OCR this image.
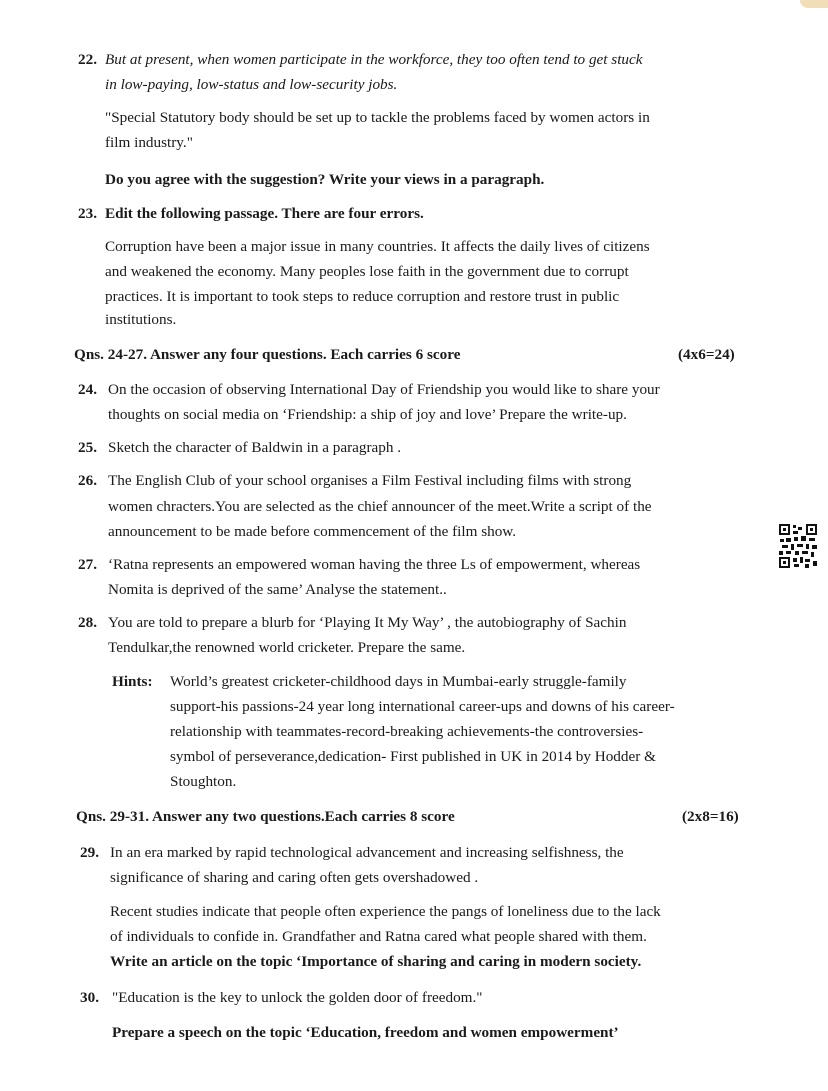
22. But at present, when women participate in the workforce, they too often tend to get stuck
in low-paying, low-status and low-security jobs.
"Special Statutory body should be set up to tackle the problems faced by women actors in
film industry."
Do you agree with the suggestion? Write your views in a paragraph.
23. Edit the following passage. There are four errors.
Corruption have been a major issue in many countries. It affects the daily lives of citizens
and weakened the economy. Many peoples lose faith in the government due to corrupt
practices. It is important to took steps to reduce corruption and restore trust in public
institutions.
Qns. 24-27. Answer any four questions. Each carries 6 score	(4x6=24)
24. On the occasion of observing International Day of Friendship you would like to share your
thoughts on social media on ‘Friendship: a ship of joy and love’ Prepare the write-up.
25. Sketch the character of Baldwin in a paragraph .
26. The English Club of your school organises a Film Festival including films with strong
women chracters.You are selected as the chief announcer of the meet.Write a script of the
announcement to be made before commencement of the film show.
27. ‘Ratna represents an empowered woman having the three Ls of empowerment, whereas
Nomita is deprived of the same’ Analyse the statement..
28. You are told to prepare a blurb for ‘Playing It My Way’ , the autobiography of Sachin
Tendulkar,the renowned world cricketer. Prepare the same.
Hints: World’s greatest cricketer-childhood days in Mumbai-early struggle-family
support-his passions-24 year long international career-ups and downs of his career-
relationship with teammates-record-breaking achievements-the controversies-
symbol of perseverance,dedication- First published in UK in 2014 by Hodder &
Stoughton.
Qns. 29-31. Answer any two questions.Each carries 8 score	(2x8=16)
29. In an era marked by rapid technological advancement and increasing selfishness, the
significance of sharing and caring often gets overshadowed .
Recent studies indicate that people often experience the pangs of loneliness due to the lack
of individuals to confide in. Grandfather and Ratna cared what people shared with them.
Write an article on the topic ‘Importance of sharing and caring in modern society.
30. "Education is the key to unlock the golden door of freedom."
Prepare a speech on the topic ‘Education, freedom and women empowerment’
